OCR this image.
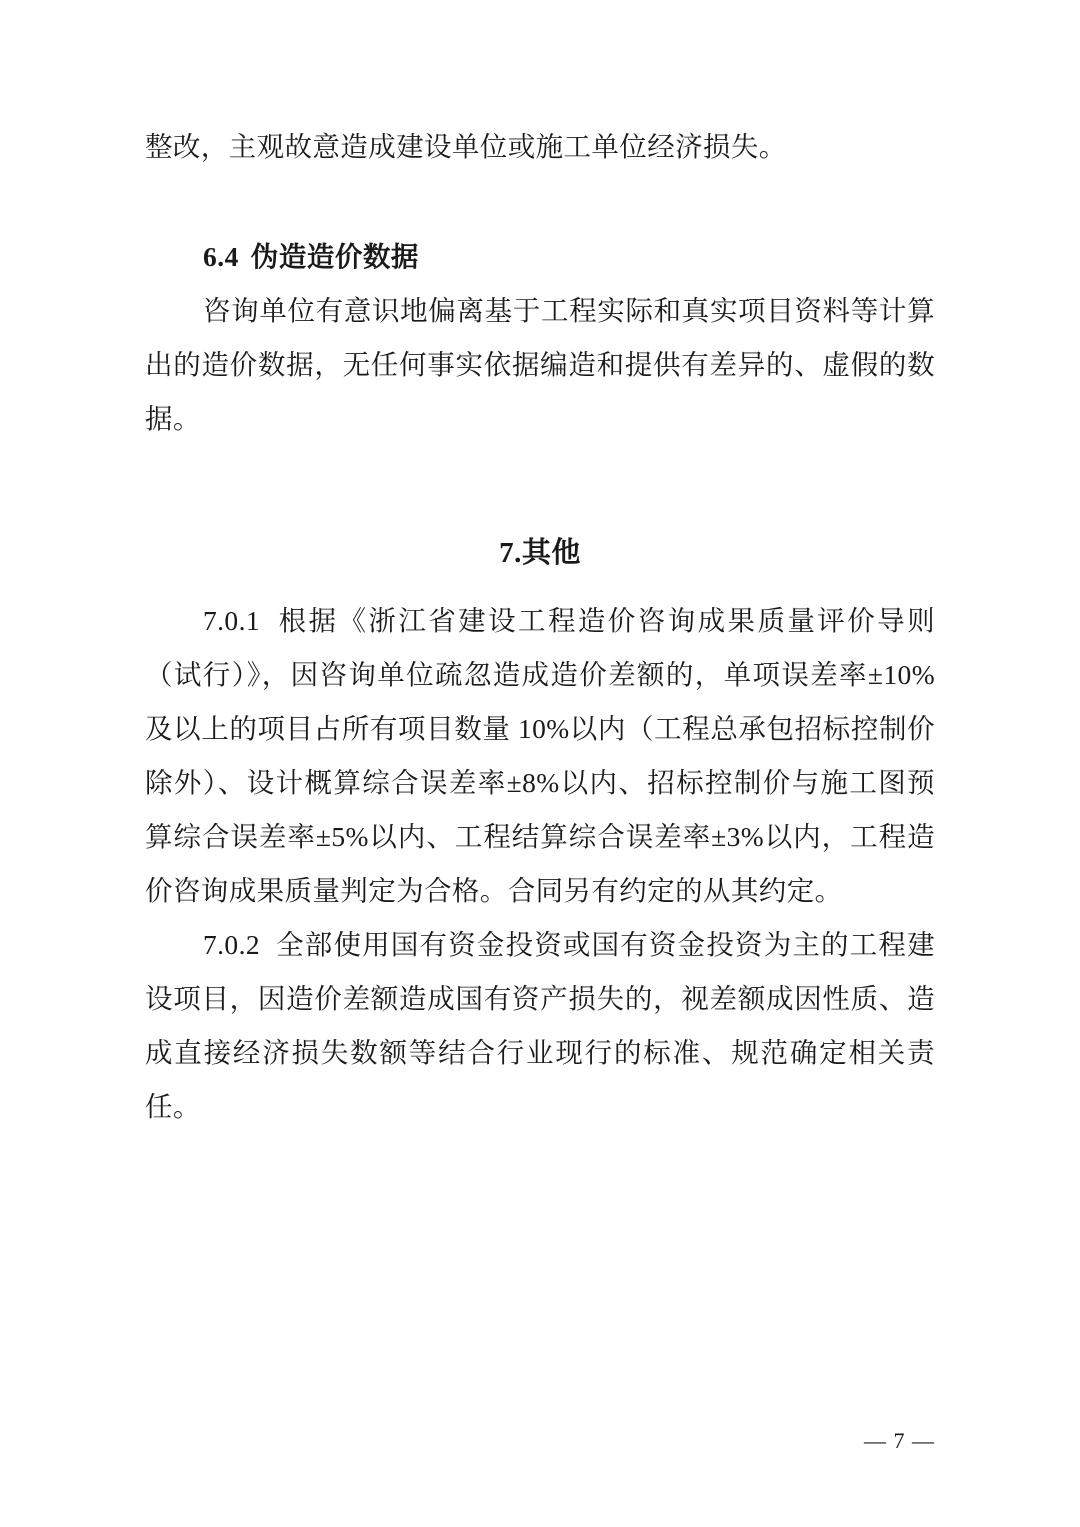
整改，主观故意造成建设单位或施工单位经济损失。

6.4 伪造造价数据

咨询单位有意识地偏离基于工程实际和真实项目资料等计算出的造价数据，无任何事实依据编造和提供有差异的、虚假的数据。

7.其他

7.0.1 根据《浙江省建设工程造价咨询成果质量评价导则（试行）》，因咨询单位疏忽造成造价差额的，单项误差率±10%及以上的项目占所有项目数量 10%以内（工程总承包招标控制价除外）、设计概算综合误差率±8%以内、招标控制价与施工图预算综合误差率±5%以内、工程结算综合误差率±3%以内，工程造价咨询成果质量判定为合格。合同另有约定的从其约定。

7.0.2 全部使用国有资金投资或国有资金投资为主的工程建设项目，因造价差额造成国有资产损失的，视差额成因性质、造成直接经济损失数额等结合行业现行的标准、规范确定相关责任。

— 7 —
